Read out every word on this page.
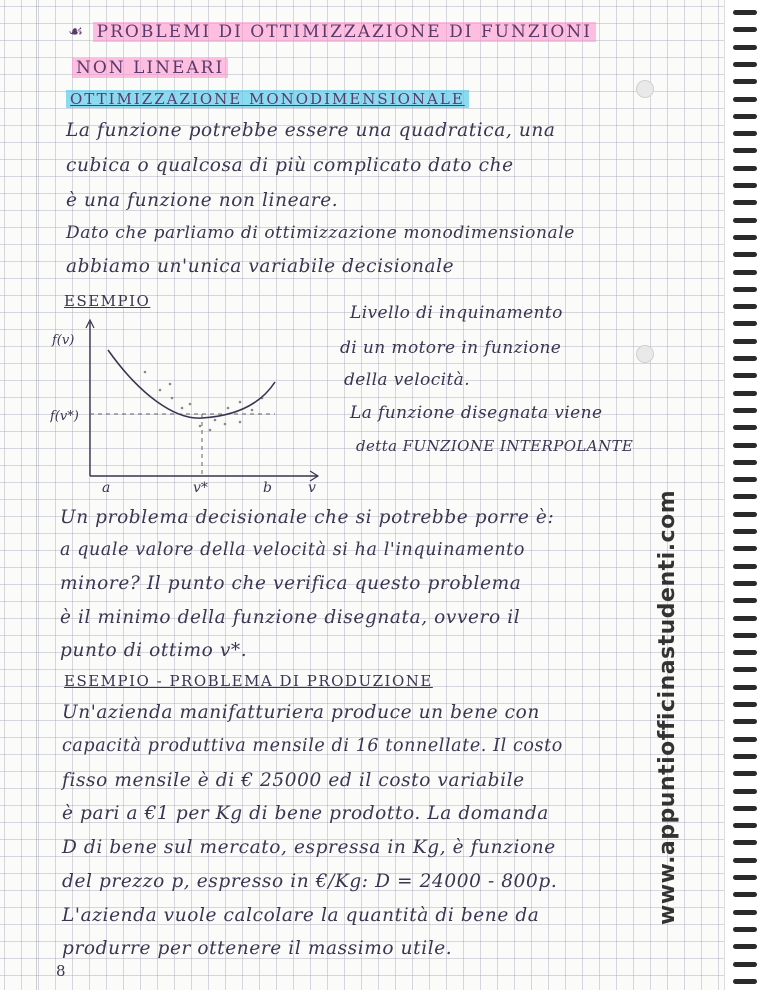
☙ PROBLEMI DI OTTIMIZZAZIONE DI FUNZIONI
NON LINEARI
OTTIMIZZAZIONE MONODIMENSIONALE
La funzione potrebbe essere una quadratica, una
cubica o qualcosa di più complicato dato che
è una funzione non lineare.
Dato che parliamo di ottimizzazione monodimensionale
abbiamo un'unica variabile decisionale
ESEMPIO
f(v)
f(v*)
a	v*	b	v
Livello di inquinamento
di un motore in funzione
della velocità.
La funzione disegnata viene
detta FUNZIONE INTERPOLANTE
Un problema decisionale che si potrebbe porre è:
a quale valore della velocità si ha l'inquinamento
minore? Il punto che verifica questo problema
è il minimo della funzione disegnata, ovvero il
punto di ottimo v*.
ESEMPIO - PROBLEMA DI PRODUZIONE
Un'azienda manifatturiera produce un bene con
capacità produttiva mensile di 16 tonnellate. Il costo
fisso mensile è di € 25000 ed il costo variabile
è pari a €1 per Kg di bene prodotto. La domanda
D di bene sul mercato, espressa in Kg, è funzione
del prezzo p, espresso in €/Kg: D = 24000 - 800p.
L'azienda vuole calcolare la quantità di bene da
produrre per ottenere il massimo utile.
8
www.appuntiofficinastudenti.com
